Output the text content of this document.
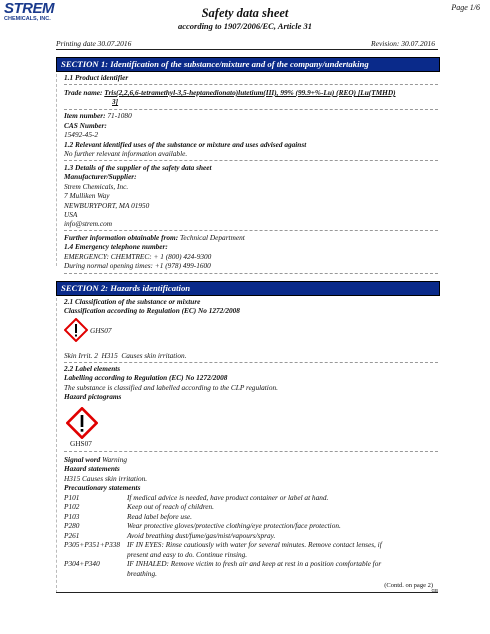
STREM
CHEMICALS, INC.	Safety data sheet
according to 1907/2006/EC, Article 31
Page 1/6
Printing date 30.07.2016	Revision: 30.07.2016
SECTION 1: Identification of the substance/mixture and of the company/undertaking
1.1 Product identifier
Trade name: Tris(2,2,6,6-tetramethyl-3,5-heptanedionato)lutetium(III), 99% (99.9+%-Lu) (REO) [Lu(TMHD)
3]
Item number: 71-1080
CAS Number:
15492-45-2
1.2 Relevant identified uses of the substance or mixture and uses advised against
No further relevant information available.
1.3 Details of the supplier of the safety data sheet
Manufacturer/Supplier:
Strem Chemicals, Inc.
7 Mulliken Way
NEWBURYPORT, MA 01950
USA
info@strem.com
Further information obtainable from: Technical Department
1.4 Emergency telephone number:
EMERGENCY: CHEMTREC: + 1 (800) 424-9300
During normal opening times: +1 (978) 499-1600
SECTION 2: Hazards identification
2.1 Classification of the substance or mixture
Classification according to Regulation (EC) No 1272/2008
GHS07
Skin Irrit. 2 H315 Causes skin irritation.
2.2 Label elements
Labelling according to Regulation (EC) No 1272/2008
The substance is classified and labelled according to the CLP regulation.
Hazard pictograms
GHS07
Signal word Warning
Hazard statements
H315 Causes skin irritation.
Precautionary statements
P101	If medical advice is needed, have product container or label at hand.
P102	Keep out of reach of children.
P103	Read label before use.
P280	Wear protective gloves/protective clothing/eye protection/face protection.
P261	Avoid breathing dust/fume/gas/mist/vapours/spray.
P305+P351+P338 IF IN EYES: Rinse cautiously with water for several minutes. Remove contact lenses, if
present and easy to do. Continue rinsing.
P304+P340	IF INHALED: Remove victim to fresh air and keep at rest in a position comfortable for
breathing.
(Contd. on page 2)
GB
